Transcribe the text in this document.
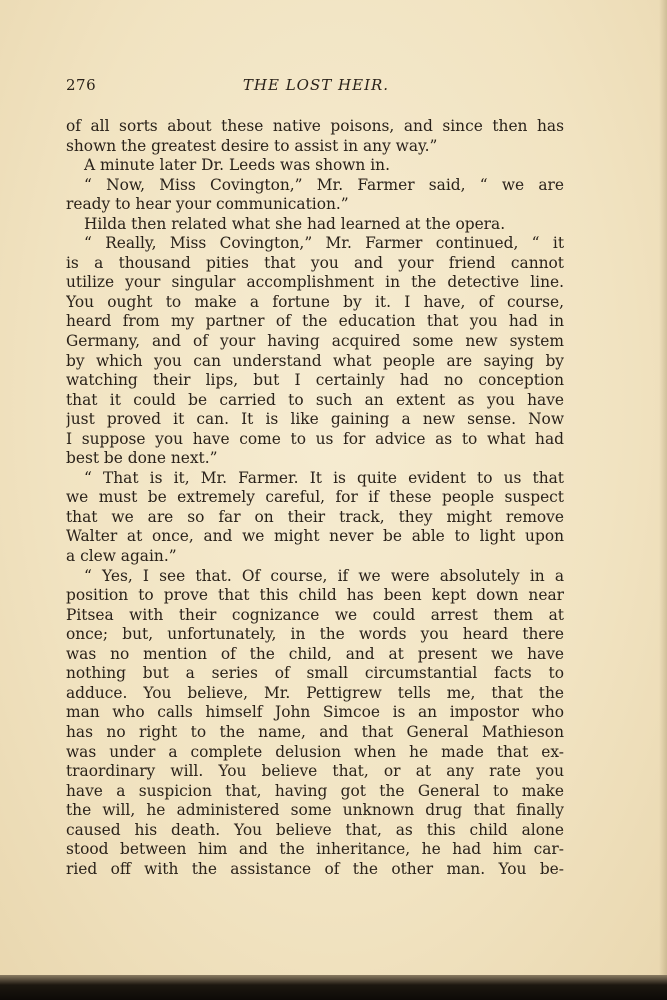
276	THE LOST HEIR.
of all sorts about these native poisons, and since then has
shown the greatest desire to assist in any way.”
A minute later Dr. Leeds was shown in.
“ Now, Miss Covington,” Mr. Farmer said, “ we are
ready to hear your communication.”
Hilda then related what she had learned at the opera.
“ Really, Miss Covington,” Mr. Farmer continued, “ it
is a thousand pities that you and your friend cannot
utilize your singular accomplishment in the detective line.
You ought to make a fortune by it. I have, of course,
heard from my partner of the education that you had in
Germany, and of your having acquired some new system
by which you can understand what people are saying by
watching their lips, but I certainly had no conception
that it could be carried to such an extent as you have
just proved it can. It is like gaining a new sense. Now
I suppose you have come to us for advice as to what had
best be done next.”
“ That is it, Mr. Farmer. It is quite evident to us that
we must be extremely careful, for if these people suspect
that we are so far on their track, they might remove
Walter at once, and we might never be able to light upon
a clew again.”
“ Yes, I see that. Of course, if we were absolutely in a
position to prove that this child has been kept down near
Pitsea with their cognizance we could arrest them at
once; but, unfortunately, in the words you heard there
was no mention of the child, and at present we have
nothing but a series of small circumstantial facts to
adduce. You believe, Mr. Pettigrew tells me, that the
man who calls himself John Simcoe is an impostor who
has no right to the name, and that General Mathieson
was under a complete delusion when he made that ex-
traordinary will. You believe that, or at any rate you
have a suspicion that, having got the General to make
the will, he administered some unknown drug that finally
caused his death. You believe that, as this child alone
stood between him and the inheritance, he had him car-
ried off with the assistance of the other man. You be-
